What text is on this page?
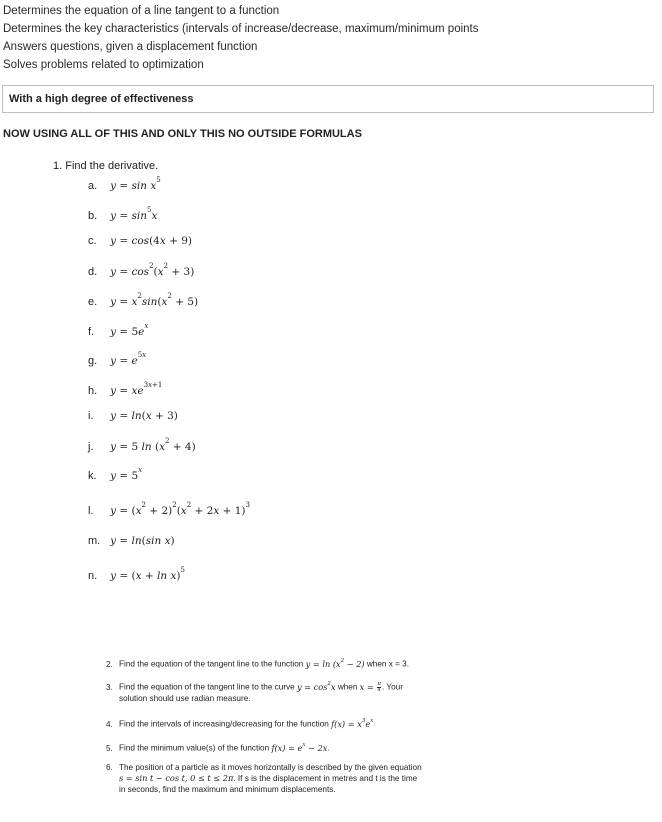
Determines the equation of a line tangent to a function
Determines the key characteristics (intervals of increase/decrease, maximum/minimum points
Answers questions, given a displacement function
Solves problems related to optimization
With a high degree of effectiveness
NOW USING ALL OF THIS AND ONLY THIS NO OUTSIDE FORMULAS
1. Find the derivative.
a. $y = \sin x^5$
b. $y = \sin^5x$
c. y = cos(4x + 9)
d. $y = \cos^2(x^2 + 3)$
e. $y = x^2\sin(x^2 + 5)$
f. $y = 5e^x$
g. $y = e^{5x}$
h. $y = xe^{3x+1}$
i. y = ln(x + 3)
j. y = 5 $\ln (x^2 + 4)$
k. $y = 5^x$
l. $y = (x^2 + 2)^2(x^2 + 2x + 1)^3$
m. y = ln(sin x)
n. $y = (x + \ln x)^5$
2. Find the equation of the tangent line to the function $y = \ln (x^2 - 2)$ when x = 3.
3. Find the equation of the tangent line to the curve $y = \cos^2x$ when $x = \frac{\pi}{4}$ . Your
solution should use radian measure.
4. Find the intervals of increasing/decreasing for the function $f(x) = x^3e^x$
5. Find the minimum value(s) of the function $f(x) = e^x - 2x$.
6. The position of a particle as it moves horizontally is described by the given equation
s = sin t − cos t, 0 ≤ t ≤ 2π. If s is the displacement in metres and t is the time
in seconds, find the maximum and minimum displacements.
